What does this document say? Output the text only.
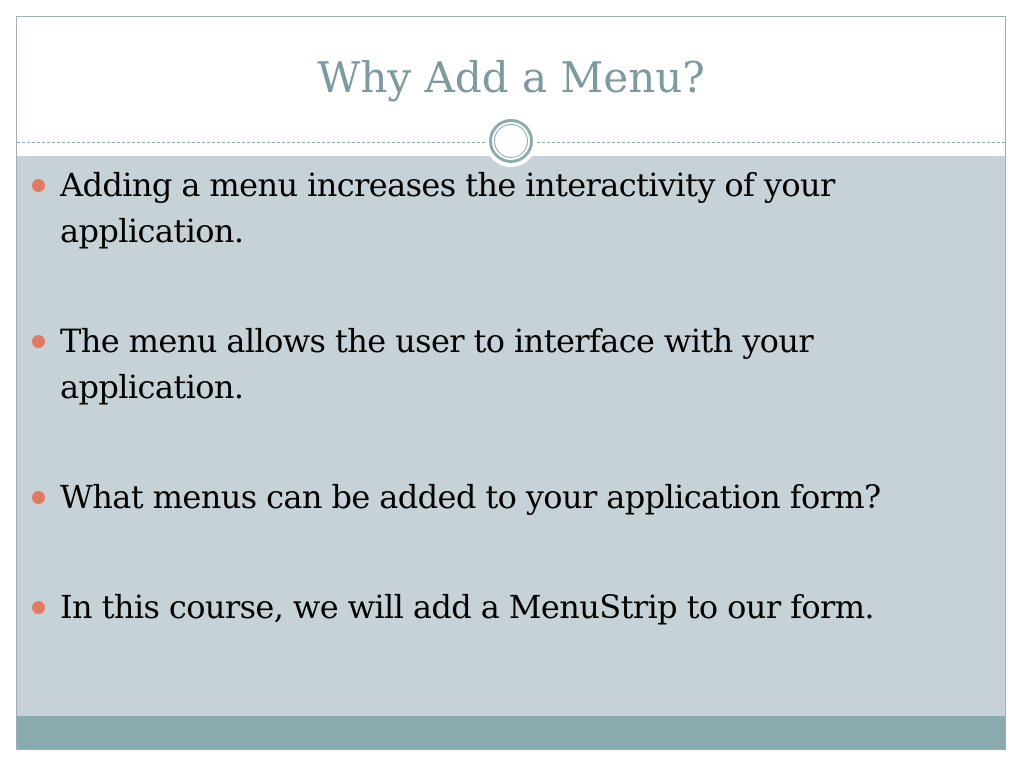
Why Add a Menu?
Adding a menu increases the interactivity of your application.
The menu allows the user to interface with your application.
What menus can be added to your application form?
In this course, we will add a MenuStrip to our form.
